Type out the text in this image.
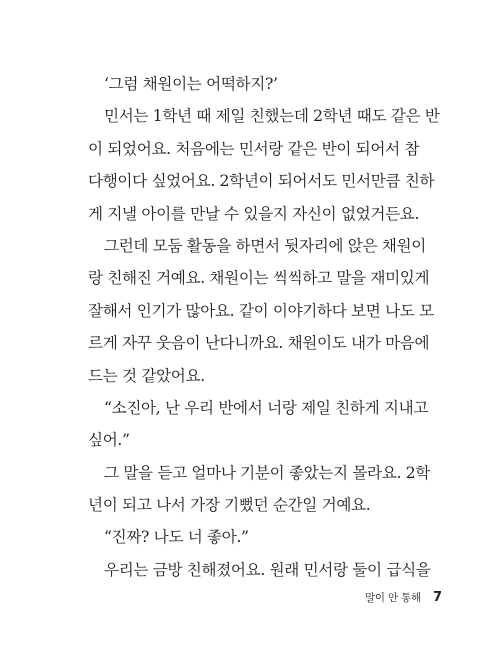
‘그럼 채원이는 어떡하지?’
민서는 1학년 때 제일 친했는데 2학년 때도 같은 반
이 되었어요. 처음에는 민서랑 같은 반이 되어서 참
다행이다 싶었어요. 2학년이 되어서도 민서만큼 친하
게 지낼 아이를 만날 수 있을지 자신이 없었거든요.
그런데 모둠 활동을 하면서 뒷자리에 앉은 채원이
랑 친해진 거예요. 채원이는 씩씩하고 말을 재미있게
잘해서 인기가 많아요. 같이 이야기하다 보면 나도 모
르게 자꾸 웃음이 난다니까요. 채원이도 내가 마음에
드는 것 같았어요.
“소진아, 난 우리 반에서 너랑 제일 친하게 지내고
싶어.”
그 말을 듣고 얼마나 기분이 좋았는지 몰라요. 2학
년이 되고 나서 가장 기뻤던 순간일 거예요.
“진짜? 나도 너 좋아.”
우리는 금방 친해졌어요. 원래 민서랑 둘이 급식을
말이 안 통해 7
